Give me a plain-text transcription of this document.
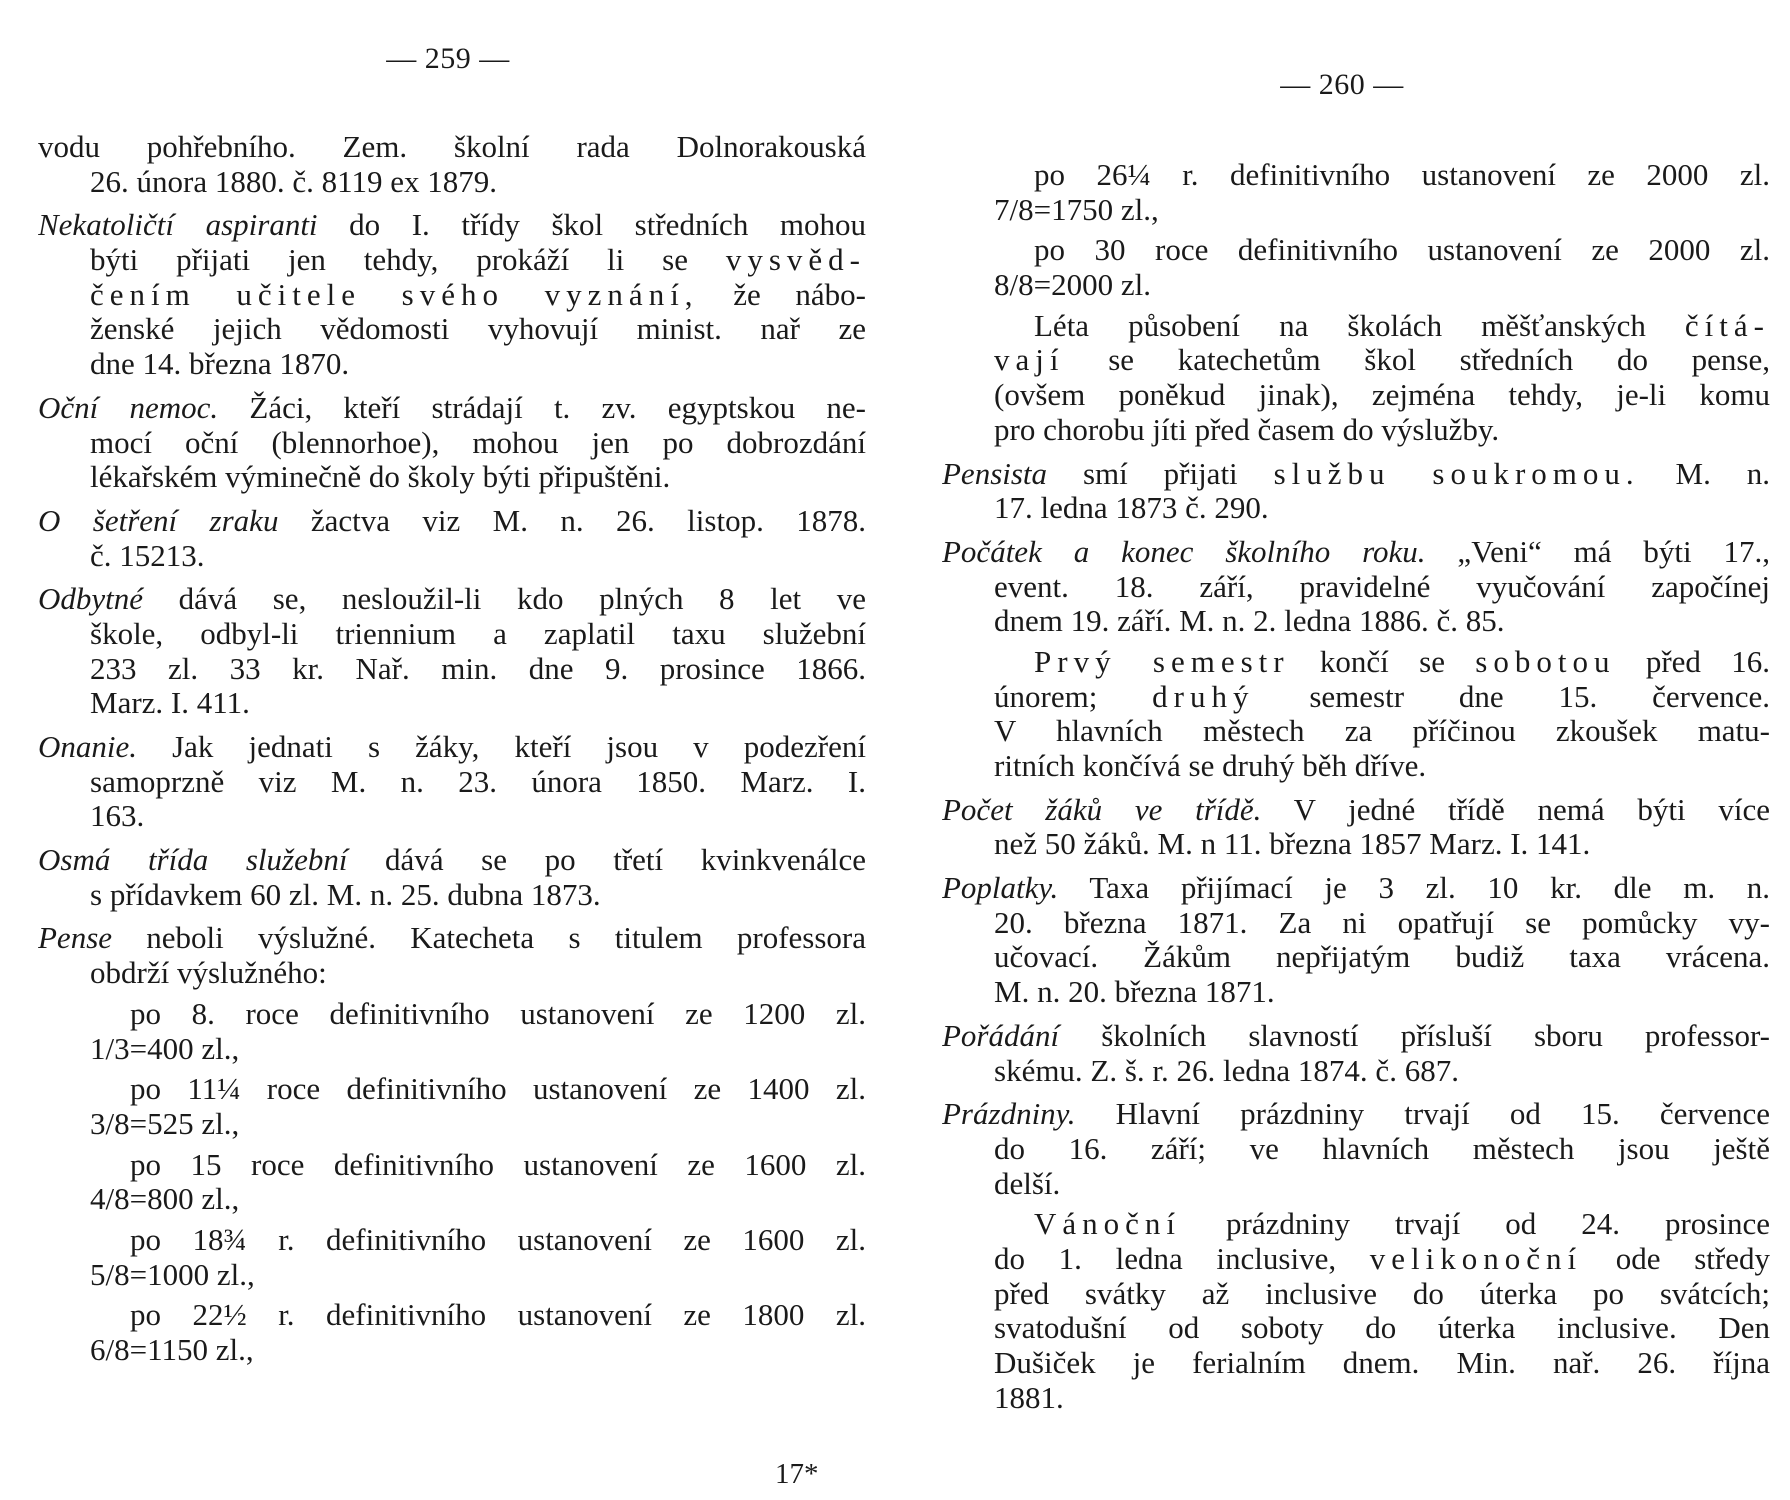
— 259 —
vodu pohřebního. Zem. školní rada Dolnorakouská
26. února 1880. č. 8119 ex 1879.
Nekatoličtí aspiranti do I. třídy škol středních mohou
býti přijati jen tehdy, prokáží li se vysvěd-
čením učitele svého vyznání, že nábo-
ženské jejich vědomosti vyhovují minist. nař ze
dne 14. března 1870.
Oční nemoc. Žáci, kteří strádají t. zv. egyptskou ne-
mocí oční (blennorhoe), mohou jen po dobrozdání
lékařském výminečně do školy býti připuštěni.
O šetření zraku žactva viz M. n. 26. listop. 1878.
č. 15213.
Odbytné dává se, nesloužil-li kdo plných 8 let ve
škole, odbyl-li triennium a zaplatil taxu služební
233 zl. 33 kr. Nař. min. dne 9. prosince 1866.
Marz. I. 411.
Onanie. Jak jednati s žáky, kteří jsou v podezření
samoprzně viz M. n. 23. února 1850. Marz. I.
163.
Osmá třída služební dává se po třetí kvinkvenálce
s přídavkem 60 zl. M. n. 25. dubna 1873.
Pense neboli výslužné. Katecheta s titulem professora
obdrží výslužného:
po 8. roce definitivního ustanovení ze 1200 zl.
1/3=400 zl.,
po 11¼ roce definitivního ustanovení ze 1400 zl.
3/8=525 zl.,
po 15 roce definitivního ustanovení ze 1600 zl.
4/8=800 zl.,
po 18¾ r. definitivního ustanovení ze 1600 zl.
5/8=1000 zl.,
po 22½ r. definitivního ustanovení ze 1800 zl.
6/8=1150 zl.,
— 260 —
po 26¼ r. definitivního ustanovení ze 2000 zl.
7/8=1750 zl.,
po 30 roce definitivního ustanovení ze 2000 zl.
8/8=2000 zl.
Léta působení na školách měšťanských čítá-
vají se katechetům škol středních do pense,
(ovšem poněkud jinak), zejména tehdy, je-li komu
pro chorobu jíti před časem do výslužby.
Pensista smí přijati službu soukromou. M. n.
17. ledna 1873 č. 290.
Počátek a konec školního roku. „Veni“ má býti 17.,
event. 18. září, pravidelné vyučování započínej
dnem 19. září. M. n. 2. ledna 1886. č. 85.
Prvý semestr končí se sobotou před 16.
únorem; druhý semestr dne 15. července.
V hlavních městech za příčinou zkoušek matu-
ritních končívá se druhý běh dříve.
Počet žáků ve třídě. V jedné třídě nemá býti více
než 50 žáků. M. n 11. března 1857 Marz. I. 141.
Poplatky. Taxa přijímací je 3 zl. 10 kr. dle m. n.
20. března 1871. Za ni opatřují se pomůcky vy-
učovací. Žákům nepřijatým budiž taxa vrácena.
M. n. 20. března 1871.
Pořádání školních slavností přísluší sboru professor-
skému. Z. š. r. 26. ledna 1874. č. 687.
Prázdniny. Hlavní prázdniny trvají od 15. července
do 16. září; ve hlavních městech jsou ještě
delší.
Vánoční prázdniny trvají od 24. prosince
do 1. ledna inclusive, velikonoční ode středy
před svátky až inclusive do úterka po svátcích;
svatodušní od soboty do úterka inclusive. Den
Dušiček je ferialním dnem. Min. nař. 26. října
1881.
17*
